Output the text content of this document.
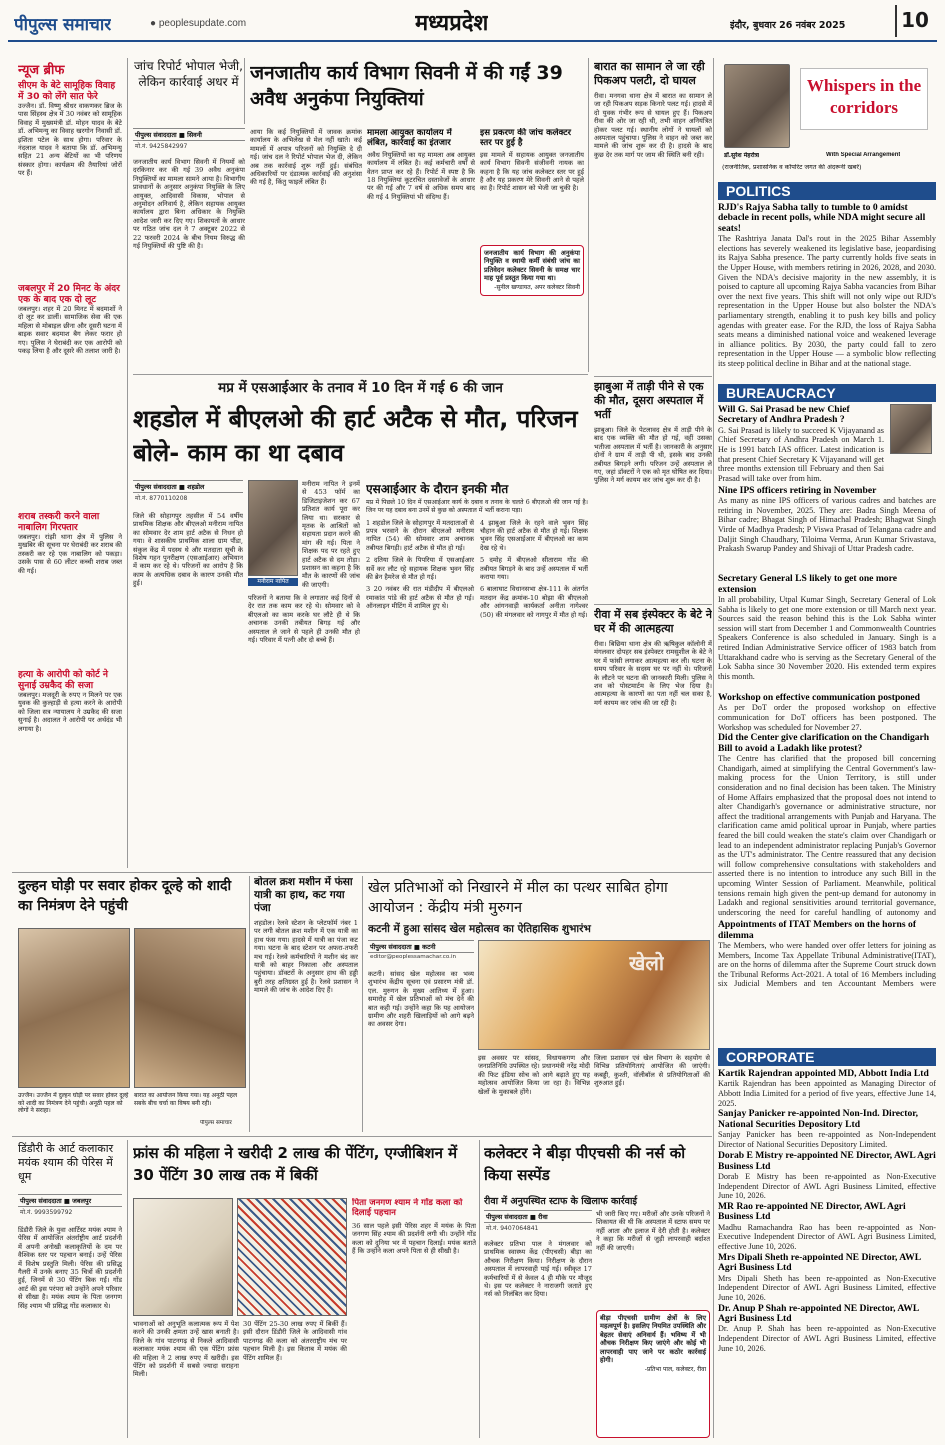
पीपुल्स समाचार	● peoplesupdate.com	मध्यप्रदेश	इंदौर, बुधवार 26 नवंबर 2025	10
न्यूज ब्रीफ
सीएम के बेटे सामूहिक विवाह में 30 को लेंगे सात फेरे
उज्जैन। डॉ. विष्णु श्रीधर वाकणकर ब्रिज के पास सिंहस्थ क्षेत्र में 30 नवंबर को सामूहिक विवाह में मुख्यमंत्री डॉ. मोहन यादव के बेटे डॉ. अभिमन्यु का विवाह खरगोन निवासी डॉ. इशिता पटेल के साथ होगा। परिवार के नंदलाल यादव ने बताया कि डॉ. अभिमन्यु सहित 21 अन्य बेटियों का भी परिणय संस्कार होगा। कार्यक्रम की तैयारियां जोरों पर हैं।
जबलपुर में 20 मिनट के अंदर एक के बाद एक दो लूट
जबलपुर। शहर में 20 मिनट में बदमाशों ने दो लूट कर डालीं। सामाजिक सेवा की एक महिला से मोबाइल छीना और दूसरी घटना में बाइक सवार बदमाश बैग लेकर फरार हो गए। पुलिस ने घेराबंदी कर एक आरोपी को पकड़ लिया है और दूसरे की तलाश जारी है।
शराब तस्करी करने वाला नाबालिग गिरफ्तार
जबलपुर। रांझी थाना क्षेत्र में पुलिस ने मुखबिर की सूचना पर घेराबंदी कर शराब की तस्करी कर रहे एक नाबालिग को पकड़ा। उसके पास से 60 लीटर कच्ची शराब जब्त की गई।
हत्या के आरोपी को कोर्ट ने सुनाई उम्रकैद की सजा
जबलपुर। मजदूरी के रुपए न मिलने पर एक युवक की कुल्हाड़ी से हत्या करने के आरोपी को जिला सत्र न्यायालय ने उम्रकैद की सजा सुनाई है। अदालत ने आरोपी पर अर्थदंड भी लगाया है।
जांच रिपोर्ट भोपाल भेजी, लेकिन कार्रवाई अधर में जनजातीय कार्य विभाग सिवनी में की गईं 39 अवैध अनुकंपा नियुक्तियां
पीपुल्स संवाददाता ■ सिवनी
मो.नं. 9425842997
जनजातीय कार्य विभाग सिवनी में नियमों को दरकिनार कर की गई 39 अवैध अनुकंपा नियुक्तियों का मामला सामने आया है। विभागीय प्रावधानों के अनुसार अनुकंपा नियुक्ति के लिए आयुक्त, आदिवासी विकास, भोपाल से अनुमोदन अनिवार्य है, लेकिन सहायक आयुक्त कार्यालय द्वारा बिना अधिकार के नियुक्ति आदेश जारी कर दिए गए। शिकायतों के आधार पर गठित जांच दल ने 7 अक्टूबर 2022 से 22 फरवरी 2024 के बीच नियम विरुद्ध की गई नियुक्तियों की पुष्टि की है।
आया कि कई नियुक्तियों में जावक क्रमांक कार्यालय के अभिलेख से मेल नहीं खाते। कई मामलों में अपात्र परिजनों को नियुक्ति दे दी गई। जांच दल ने रिपोर्ट भोपाल भेज दी, लेकिन अब तक कार्रवाई शुरू नहीं हुई। संबंधित अधिकारियों पर दंडात्मक कार्रवाई की अनुशंसा की गई है, किंतु फाइलें लंबित हैं।
मामला आयुक्त कार्यालय में लंबित, कार्रवाई का इंतजार
अवैध नियुक्तियों का यह मामला अब आयुक्त कार्यालय में लंबित है। कई कर्मचारी वर्षों से वेतन प्राप्त कर रहे हैं। रिपोर्ट में स्पष्ट है कि 18 नियुक्तियां कूटरचित दस्तावेजों के आधार पर की गईं और 7 वर्ष से अधिक समय बाद की गई 4 नियुक्तियां भी संदिग्ध हैं।
इस प्रकरण की जांच कलेक्टर स्तर पर हुई है
इस मामले में सहायक आयुक्त जनजातीय कार्य विभाग सिवनी संजीवनी नायक का कहना है कि यह जांच कलेक्टर स्तर पर हुई है और यह प्रकरण मेरे सिवनी आने से पहले का है। रिपोर्ट शासन को भेजी जा चुकी है।
जनजातीय कार्य विभाग की अनुकंपा नियुक्ति व स्थायी कर्मी संबंधी जांच का प्रतिवेदन कलेक्टर सिवनी के समक्ष चार माह पूर्व प्रस्तुत किया गया था।
-सुनील खण्डायत, अपर कलेक्टर सिवनी
बारात का सामान ले जा रही पिकअप पलटी, दो घायल
रीवा। मनगवा थाना क्षेत्र में बारात का सामान ले जा रही पिकअप सड़क किनारे पलट गई। हादसे में दो युवक गंभीर रूप से घायल हुए हैं। पिकअप रीवा की ओर जा रही थी, तभी वाहन अनियंत्रित होकर पलट गई। स्थानीय लोगों ने घायलों को अस्पताल पहुंचाया। पुलिस ने वाहन को जब्त कर मामले की जांच शुरू कर दी है। हादसे के बाद कुछ देर तक मार्ग पर जाम की स्थिति बनी रही।
Whispers in the corridors
डॉ.सुरेश मेहरोत्रा	With Special Arrangement
(राजनीतिक, प्रशासनिक व कॉर्पोरेट जगत की अंदरूनी खबरें)
POLITICS
RJD's Rajya Sabha tally to tumble to 0 amidst debacle in recent polls, while NDA might secure all seats!
The Rashtriya Janata Dal's rout in the 2025 Bihar Assembly elections has severely weakened its legislative base, jeopardising its Rajya Sabha presence. The party currently holds five seats in the Upper House, with members retiring in 2026, 2028, and 2030. Given the NDA's decisive majority in the new assembly, it is poised to capture all upcoming Rajya Sabha vacancies from Bihar over the next five years. This shift will not only wipe out RJD's representation in the Upper House but also bolster the NDA's parliamentary strength, enabling it to push key bills and policy agendas with greater ease. For the RJD, the loss of Rajya Sabha seats means a diminished national voice and weakened leverage in alliance politics. By 2030, the party could fall to zero representation in the Upper House — a symbolic blow reflecting its steep political decline in Bihar and at the national stage.
BUREAUCRACY
Will G. Sai Prasad be new Chief Secretary of Andhra Pradesh ?
G. Sai Prasad is likely to succeed K Vijayanand as Chief Secretary of Andhra Pradesh on March 1. He is 1991 batch IAS officer. Latest indication is that present Chief Secretary K Vijayanand will get three months extension till February and then Sai Prasad will take over from him.
Nine IPS officers retiring in November
As many as nine IPS officers of various cadres and batches are retiring in November, 2025. They are: Badra Singh Meena of Bihar cadre; Bhagat Singh of Himachal Pradesh; Bhagwat Singh Virde of Madhya Pradesh; P Viswa Prasad of Telangana cadre and Daljit Singh Chaudhary, Tiloima Verma, Arun Kumar Srivastava, Prakash Swarup Pandey and Shivaji of Uttar Pradesh cadre.
Secretary General LS likely to get one more extension
In all probability, Utpal Kumar Singh, Secretary General of Lok Sabha is likely to get one more extension or till March next year. Sources said the reason behind this is the Lok Sabha winter session will start from December 1 and Commonwealth Countries Speakers Conference is also scheduled in January. Singh is a retired Indian Administrative Service officer of 1983 batch from Uttarakhand cadre who is serving as the Secretary General of the Lok Sabha since 30 November 2020. His extended term expires this month.
Workshop on effective communication postponed
As per DoT order the proposed workshop on effective communication for DoT officers has been postponed. The Workshop was scheduled for November 27.
Did the Center give clarification on the Chandigarh Bill to avoid a Ladakh like protest?
The Centre has clarified that the proposed bill concerning Chandigarh, aimed at simplifying the Central Government's law-making process for the Union Territory, is still under consideration and no final decision has been taken. The Ministry of Home Affairs emphasized that the proposal does not intend to alter Chandigarh's governance or administrative structure, nor affect the traditional arrangements with Punjab and Haryana. The clarification came amid political uproar in Punjab, where parties feared the bill could weaken the state's claim over Chandigarh or lead to an independent administrator replacing Punjab's Governor as the UT's administrator. The Centre reassured that any decision will follow comprehensive consultations with stakeholders and asserted there is no intention to introduce any such Bill in the upcoming Winter Session of Parliament. Meanwhile, political tensions remain high given the pent-up demand for autonomy in Ladakh and regional sensitivities around territorial governance, underscoring the need for careful handling of autonomy and
Appointments of ITAT Members on the horns of dilemma
The Members, who were handed over offer letters for joining as Members, Income Tax Appellate Tribunal Administrative(ITAT), are on the horns of dilemma after the Supreme Court struck down the Tribunal Reforms Act-2021. A total of 16 Members including six Judicial Members and ten Accountant Members were
CORPORATE
Kartik Rajendran appointed MD, Abbott India Ltd
Kartik Rajendran has been appointed as Managing Director of Abbott India Limited for a period of five years, effective June 14, 2025.
Sanjay Panicker re-appointed Non-Ind. Director, National Securities Depository Ltd
Sanjay Panicker has been re-appointed as Non-Independent Director of National Securities Depository Limited.
Dorab E Mistry re-appointed NE Director, AWL Agri Business Ltd
Dorab E Mistry has been re-appointed as Non-Executive Independent Director of AWL Agri Business Limited, effective June 10, 2026.
MR Rao re-appointed NE Director, AWL Agri Business Ltd
Madhu Ramachandra Rao has been re-appointed as Non-Executive Independent Director of AWL Agri Business Limited, effective June 10, 2026.
Mrs Dipali Sheth re-appointed NE Director, AWL Agri Business Ltd
Mrs Dipali Sheth has been re-appointed as Non-Executive Independent Director of AWL Agri Business Limited, effective June 10, 2026.
Dr. Anup P Shah re-appointed NE Director, AWL Agri Business Ltd
Dr. Anup P. Shah has been re-appointed as Non-Executive Independent Director of AWL Agri Business Limited, effective June 10, 2026.
झाबुआ में ताड़ी पीने से एक की मौत, दूसरा अस्पताल में भर्ती
झाबुआ। जिले के पेटलावद क्षेत्र में ताड़ी पीने के बाद एक व्यक्ति की मौत हो गई, वहीं उसका भतीजा अस्पताल में भर्ती है। जानकारी के अनुसार दोनों ने ग्राम में ताड़ी पी थी, इसके बाद उनकी तबीयत बिगड़ने लगी। परिजन उन्हें अस्पताल ले गए, जहां डॉक्टरों ने एक को मृत घोषित कर दिया। पुलिस ने मर्ग कायम कर जांच शुरू कर दी है।
रीवा में सब इंस्पेक्टर के बेटे ने घर में की आत्महत्या
रीवा। बिछिया थाना क्षेत्र की ऋषिकुल कॉलोनी में मंगलवार दोपहर सब इंस्पेक्टर रामसुशील के बेटे ने घर में फांसी लगाकर आत्महत्या कर ली। घटना के समय परिवार के सदस्य घर पर नहीं थे। परिजनों के लौटने पर घटना की जानकारी मिली। पुलिस ने शव को पोस्टमार्टम के लिए भेज दिया है। आत्महत्या के कारणों का पता नहीं चल सका है, मर्ग कायम कर जांच की जा रही है।
मप्र में एसआईआर के तनाव में 10 दिन में गई 6 की जान
शहडोल में बीएलओ की हार्ट अटैक से मौत, परिजन बोले- काम का था दबाव
पीपुल्स संवाददाता ■ शहडोल
मो.नं. 8770110208
जिले की सोहागपुर तहसील में 54 वर्षीय प्राथमिक शिक्षक और बीएलओ मनीराम नापित का सोमवार देर शाम हार्ट अटैक से निधन हो गया। वे शासकीय प्राथमिक शाला ग्राम पौंडा, संकुल केंद्र में पदस्थ थे और मतदाता सूची के विशेष गहन पुनरीक्षण (एसआईआर) अभियान में काम कर रहे थे। परिजनों का आरोप है कि काम के अत्यधिक दबाव के कारण उनकी मौत हुई।	मनीराम नापित
मनीराम नापित ने इनमें से 453 फॉर्म का डिजिटाइजेशन कर 67 प्रतिशत कार्य पूरा कर लिया था। सरकार से मृतक के आश्रितों को सहायता प्रदान करने की मांग की गई। पिता ने शिक्षक पद पर रहते हुए हार्ट अटैक से दम तोड़ा। प्रशासन का कहना है कि मौत के कारणों की जांच की जाएगी।
परिजनों ने बताया कि वे लगातार कई दिनों से देर रात तक काम कर रहे थे। सोमवार को वे बीएलओ का काम करके घर लौटे ही थे कि अचानक उनकी तबीयत बिगड़ गई और अस्पताल ले जाने से पहले ही उनकी मौत हो गई। परिवार में पत्नी और दो बच्चे हैं।
एसआईआर के दौरान इनकी मौत
मप्र में पिछले 10 दिन में एसआईआर कार्य के दबाव व तनाव के चलते 6 बीएलओ की जान गई है। जिन पर यह दबाव बना उनमें से कुछ को अस्पताल में भर्ती कराना पड़ा।
1 शहडोल जिले के सोहागपुर में मतदाताओं से प्रपत्र भरवाने के दौरान बीएलओ मनीराम नापित (54) की सोमवार शाम अचानक तबीयत बिगड़ी। हार्ट अटैक से मौत हो गई।
4 झाबुआ जिले के रहने वाले भुवन सिंह चौहान की हार्ट अटैक से मौत हो गई। शिक्षक भुवन सिंह एसआईआर में बीएलओ का काम देख रहे थे।
2 दतिया जिले के पिपरिया में एसआईआर सर्वे कर लौट रहे सहायक शिक्षक भुवन सिंह की ब्रेन हैमरेज से मौत हो गई।
5 दमोह में बीएलओ सीताराम गोंड की तबीयत बिगड़ने के बाद उन्हें अस्पताल में भर्ती कराया गया।
3 20 नवंबर की रात मंडीदीप में बीएलओ रमाकांत पांडे की हार्ट अटैक से मौत हो गई। ऑनलाइन मीटिंग में शामिल हुए थे।
6 बालाघाट विधानसभा क्षेत्र-111 के अंतर्गत मतदान केंद्र क्रमांक-10 बोझा की बीएलओ और आंगनवाड़ी कार्यकर्ता अनीता नागेश्वर (50) की मंगलवार को नागपुर में मौत हो गई।
दुल्हन घोड़ी पर सवार होकर दूल्हे को शादी का निमंत्रण देने पहुंची
उज्जैन। उज्जैन में दुल्हन घोड़ी पर सवार होकर दूल्हे को शादी का निमंत्रण देने पहुंची। अनूठी पहल को लोगों ने सराहा।
बारात का आयोजन किया गया। यह अनूठी पहल सबके बीच चर्चा का विषय बनी रही।
पीपुल्स समाचार
बोतल क्रश मशीन में फंसा यात्री का हाथ, कट गया पंजा
शहडोल। रेलवे स्टेशन के प्लेटफॉर्म नंबर 1 पर लगी बोतल क्रश मशीन में एक यात्री का हाथ फंस गया। हादसे में यात्री का पंजा कट गया। घटना के बाद स्टेशन पर अफरा-तफरी मच गई। रेलवे कर्मचारियों ने मशीन बंद कर यात्री को बाहर निकाला और अस्पताल पहुंचाया। डॉक्टरों के अनुसार हाथ की हड्डी बुरी तरह क्षतिग्रस्त हुई है। रेलवे प्रशासन ने मामले की जांच के आदेश दिए हैं।
खेल प्रतिभाओं को निखारने में मील का पत्थर साबित होगा आयोजन : केंद्रीय मंत्री मुरुगन
कटनी में हुआ सांसद खेल महोत्सव का ऐतिहासिक शुभारंभ
पीपुल्स संवाददाता ■ कटनी
editor@peoplessamachar.co.in
कटनी। सांसद खेल महोत्सव का भव्य शुभारंभ केंद्रीय सूचना एवं प्रसारण मंत्री डॉ. एल. मुरुगन के मुख्य आतिथ्य में हुआ। समारोह में खेल प्रतिभाओं को मंच देने की बात कही गई। उन्होंने कहा कि यह आयोजन ग्रामीण और शहरी खिलाड़ियों को आगे बढ़ने का अवसर देगा।
खेलो
इस अवसर पर सांसद, विधायकगण और जनप्रतिनिधि उपस्थित रहे। प्रधानमंत्री नरेंद्र मोदी की फिट इंडिया सोच को आगे बढ़ाते हुए यह महोत्सव आयोजित किया जा रहा है। विभिन्न खेलों के मुकाबले होंगे।
जिला प्रशासन एवं खेल विभाग के सहयोग से विभिन्न प्रतियोगिताएं आयोजित की जाएंगी। कबड्डी, कुश्ती, वॉलीबॉल से प्रतियोगिताओं की शुरुआत हुई।
डिंडौरी के आर्ट कलाकार मयंक श्याम की पेरिस में धूम
पीपुल्स संवाददाता ■ जबलपुर
मो.नं. 9993599792
डिंडौरी जिले के युवा आर्टिस्ट मयंक श्याम ने पेरिस में आयोजित अंतर्राष्ट्रीय आर्ट प्रदर्शनी में अपनी अनोखी कलाकृतियों के दम पर वैश्विक स्तर पर पहचान बनाई। उन्हें पेरिस में विशेष प्रस्तुति मिली। पेरिस की प्रसिद्ध गैलरी में उनके बनाए 35 चित्रों की प्रदर्शनी हुई, जिनमें से 30 पेंटिंग बिक गईं। गोंड आर्ट की इस परंपरा को उन्होंने अपने परिवार से सीखा है। मयंक श्याम के पिता जनगण सिंह श्याम भी प्रसिद्ध गोंड कलाकार थे।
फ्रांस की महिला ने खरीदी 2 लाख की पेंटिंग, एग्जीबिशन में 30 पेंटिंग 30 लाख तक में बिकीं
भावनाओं को अनुभूति कलात्मक रूप में पेश करने की उनकी क्षमता उन्हें खास बनाती है। जिले के गांव पाटनगढ़ से निकले आदिवासी कलाकार मयंक श्याम की एक पेंटिंग फ्रांस की महिला ने 2 लाख रुपए में खरीदी। इस पेंटिंग को प्रदर्शनी में सबसे ज्यादा सराहना मिली।
30 पेंटिंग 25-30 लाख रुपए में बिकीं हैं। इसी दौरान डिंडौरी जिले के आदिवासी गांव पाटनगढ़ की कला को अंतरराष्ट्रीय मंच पर पहचान मिली है। इस किताब में मयंक की पेंटिंग शामिल हैं।
पिता जनगण श्याम ने गोंड कला को दिलाई पहचान
36 साल पहले इसी पेरिस शहर में मयंक के पिता जनगण सिंह श्याम की प्रदर्शनी लगी थी। उन्होंने गोंड कला को दुनिया भर में पहचान दिलाई। मयंक बताते हैं कि उन्होंने कला अपने पिता से ही सीखी है।
कलेक्टर ने बीड़ा पीएचसी की नर्स को किया सस्पेंड
रीवा में अनुपस्थित स्टाफ के खिलाफ कार्रवाई
पीपुल्स संवाददाता ■ रीवा
मो.नं. 9407064841
कलेक्टर प्रतिभा पाल ने मंगलवार को प्राथमिक स्वास्थ्य केंद्र (पीएचसी) बीड़ा का औचक निरीक्षण किया। निरीक्षण के दौरान अस्पताल में लापरवाही पाई गई। स्वीकृत 17 कर्मचारियों में से केवल 4 ही मौके पर मौजूद थे। इस पर कलेक्टर ने नाराजगी जताते हुए नर्स को निलंबित कर दिया।
भी जारी किए गए। मरीजों और उनके परिजनों ने शिकायत की थी कि अस्पताल में स्टाफ समय पर नहीं आता और इलाज में देरी होती है। कलेक्टर ने कहा कि मरीजों से जुड़ी लापरवाही बर्दाश्त नहीं की जाएगी।
बीड़ा पीएचसी ग्रामीण क्षेत्रों के लिए महत्वपूर्ण है। इसलिए नियमित उपस्थिति और बेहतर सेवाएं अनिवार्य हैं। भविष्य में भी औचक निरीक्षण किए जाएंगे और कोई भी लापरवाही पाए जाने पर कठोर कार्रवाई होगी।
-प्रतिभा पाल, कलेक्टर, रीवा
